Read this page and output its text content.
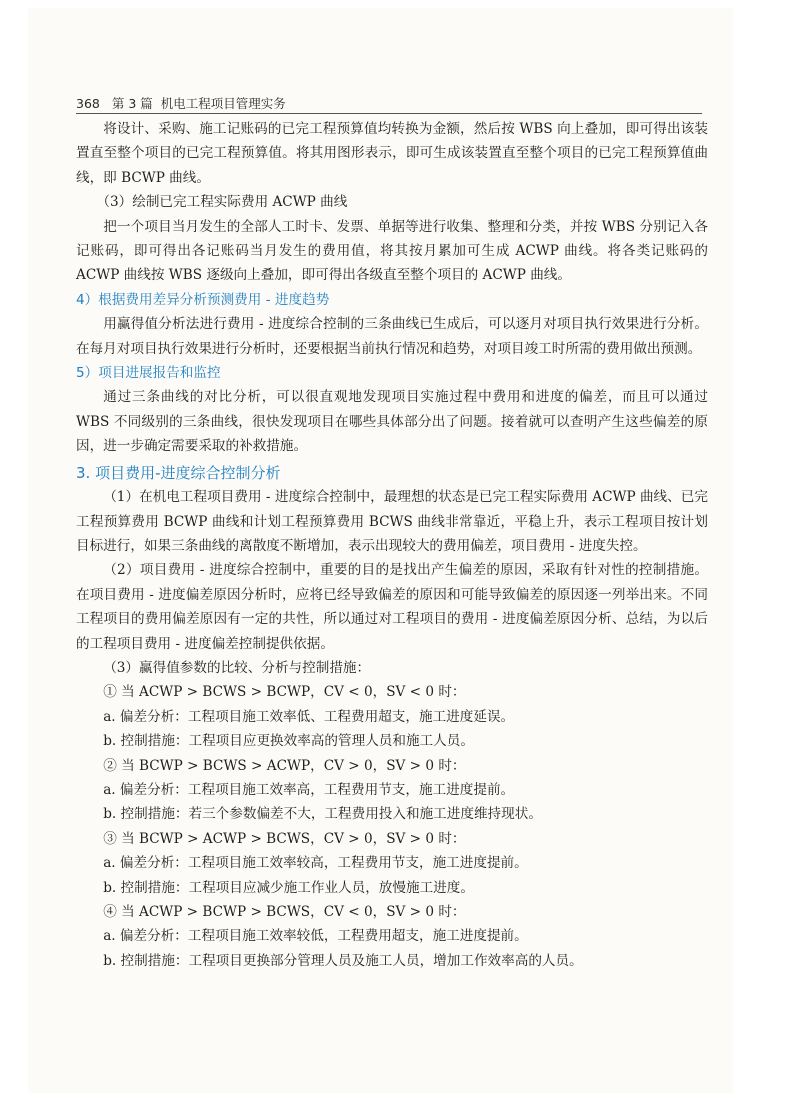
368 第 3 篇 机电工程项目管理实务

将设计、采购、施工记账码的已完工程预算值均转换为金额，然后按 WBS 向上叠加，即可得出该装置直至整个项目的已完工程预算值。将其用图形表示，即可生成该装置直至整个项目的已完工程预算值曲线，即 BCWP 曲线。

（3）绘制已完工程实际费用 ACWP 曲线

把一个项目当月发生的全部人工时卡、发票、单据等进行收集、整理和分类，并按 WBS 分别记入各记账码，即可得出各记账码当月发生的费用值，将其按月累加可生成 ACWP 曲线。将各类记账码的 ACWP 曲线按 WBS 逐级向上叠加，即可得出各级直至整个项目的 ACWP 曲线。

4）根据费用差异分析预测费用 - 进度趋势

用赢得值分析法进行费用 - 进度综合控制的三条曲线已生成后，可以逐月对项目执行效果进行分析。在每月对项目执行效果进行分析时，还要根据当前执行情况和趋势，对项目竣工时所需的费用做出预测。

5）项目进展报告和监控

通过三条曲线的对比分析，可以很直观地发现项目实施过程中费用和进度的偏差，而且可以通过 WBS 不同级别的三条曲线，很快发现项目在哪些具体部分出了问题。接着就可以查明产生这些偏差的原因，进一步确定需要采取的补救措施。

3. 项目费用-进度综合控制分析

（1）在机电工程项目费用 - 进度综合控制中，最理想的状态是已完工程实际费用 ACWP 曲线、已完工程预算费用 BCWP 曲线和计划工程预算费用 BCWS 曲线非常靠近，平稳上升，表示工程项目按计划目标进行，如果三条曲线的离散度不断增加，表示出现较大的费用偏差，项目费用 - 进度失控。

（2）项目费用 - 进度综合控制中，重要的目的是找出产生偏差的原因，采取有针对性的控制措施。在项目费用 - 进度偏差原因分析时，应将已经导致偏差的原因和可能导致偏差的原因逐一列举出来。不同工程项目的费用偏差原因有一定的共性，所以通过对工程项目的费用 - 进度偏差原因分析、总结，为以后的工程项目费用 - 进度偏差控制提供依据。

（3）赢得值参数的比较、分析与控制措施：

① 当 ACWP > BCWS > BCWP，CV < 0，SV < 0 时：

a. 偏差分析：工程项目施工效率低、工程费用超支，施工进度延误。

b. 控制措施：工程项目应更换效率高的管理人员和施工人员。

② 当 BCWP > BCWS > ACWP，CV > 0，SV > 0 时：

a. 偏差分析：工程项目施工效率高，工程费用节支，施工进度提前。

b. 控制措施：若三个参数偏差不大，工程费用投入和施工进度维持现状。

③ 当 BCWP > ACWP > BCWS，CV > 0，SV > 0 时：

a. 偏差分析：工程项目施工效率较高，工程费用节支，施工进度提前。

b. 控制措施：工程项目应减少施工作业人员，放慢施工进度。

④ 当 ACWP > BCWP > BCWS，CV < 0，SV > 0 时：

a. 偏差分析：工程项目施工效率较低，工程费用超支，施工进度提前。

b. 控制措施：工程项目更换部分管理人员及施工人员，增加工作效率高的人员。
